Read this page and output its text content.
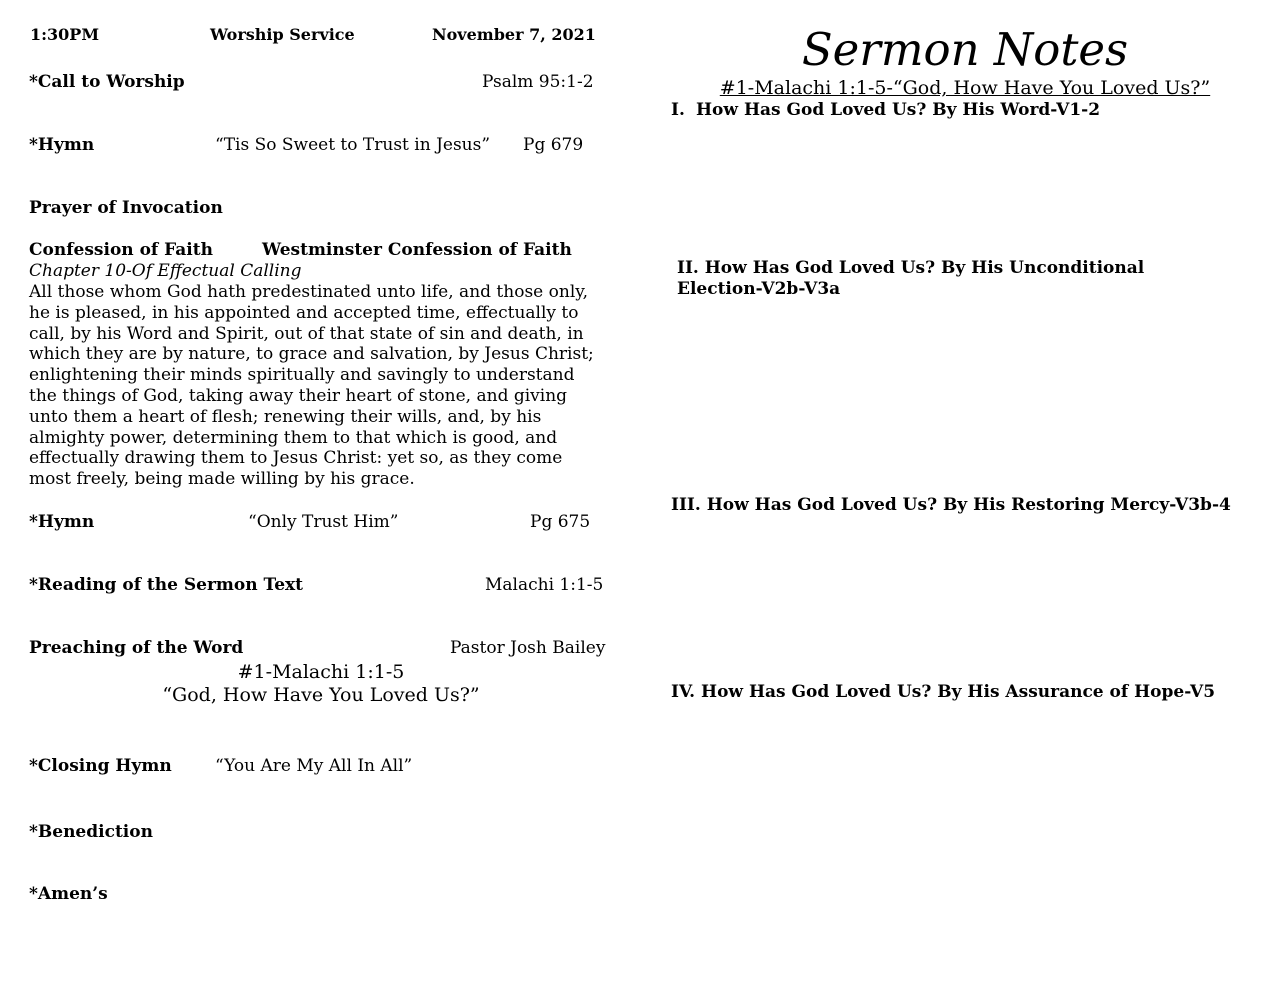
1:30PM	Worship Service	November 7, 2021
*Call to Worship	Psalm 95:1-2
*Hymn	“Tis So Sweet to Trust in Jesus” Pg 679
Prayer of Invocation
Confession of Faith	Westminster Confession of Faith
Chapter 10-Of Effectual Calling
All those whom God hath predestinated unto life, and those only,
he is pleased, in his appointed and accepted time, effectually to
call, by his Word and Spirit, out of that state of sin and death, in
which they are by nature, to grace and salvation, by Jesus Christ;
enlightening their minds spiritually and savingly to understand
the things of God, taking away their heart of stone, and giving
unto them a heart of flesh; renewing their wills, and, by his
almighty power, determining them to that which is good, and
effectually drawing them to Jesus Christ: yet so, as they come
most freely, being made willing by his grace.
*Hymn	“Only Trust Him”	Pg 675
*Reading of the Sermon Text	Malachi 1:1-5
Preaching of the Word	Pastor Josh Bailey
#1-Malachi 1:1-5
“God, How Have You Loved Us?”
*Closing Hymn	“You Are My All In All”
*Benediction
*Amen’s
Sermon Notes
#1-Malachi 1:1-5-“God, How Have You Loved Us?”
I. How Has God Loved Us? By His Word-V1-2
II. How Has God Loved Us? By His Unconditional
Election-V2b-V3a
III. How Has God Loved Us? By His Restoring Mercy-V3b-4
IV. How Has God Loved Us? By His Assurance of Hope-V5
